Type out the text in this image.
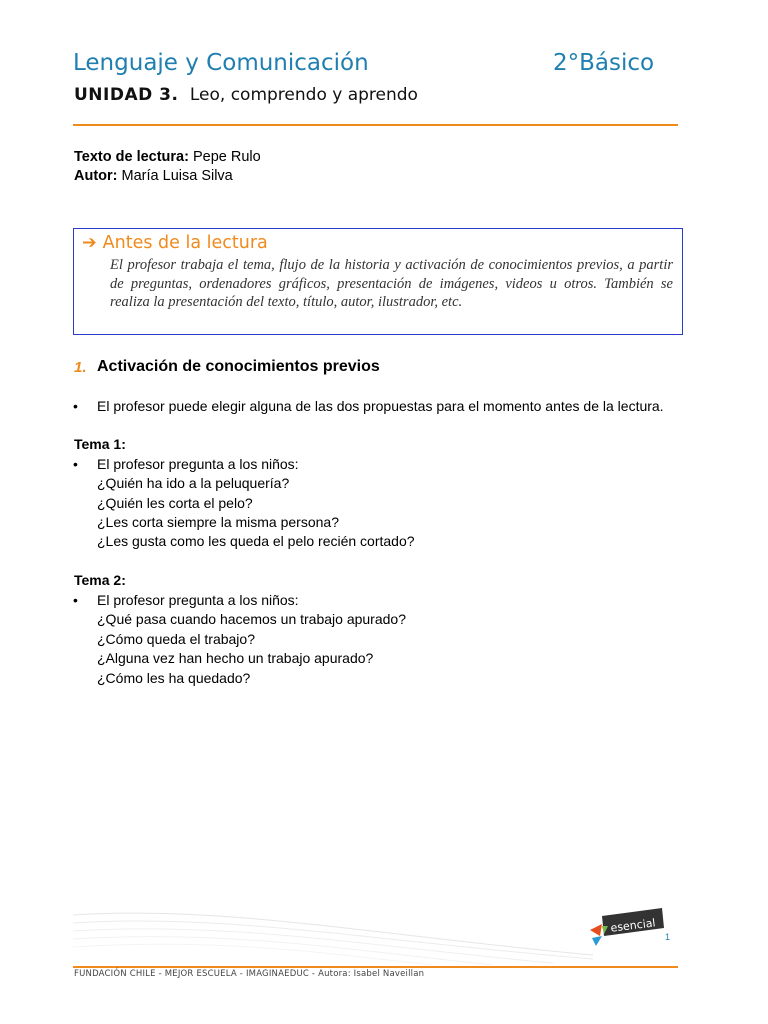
Lenguaje y Comunicación	2°Básico
UNIDAD 3. Leo, comprendo y aprendo
Texto de lectura: Pepe Rulo
Autor: María Luisa Silva
➔ Antes de la lectura
El profesor trabaja el tema, flujo de la historia y activación de conocimientos previos, a partir de preguntas, ordenadores gráficos, presentación de imágenes, videos u otros. También se realiza la presentación del texto, título, autor, ilustrador, etc.
1. Activación de conocimientos previos
• El profesor puede elegir alguna de las dos propuestas para el momento antes de la lectura.
Tema 1:
• El profesor pregunta a los niños:
¿Quién ha ido a la peluquería?
¿Quién les corta el pelo?
¿Les corta siempre la misma persona?
¿Les gusta como les queda el pelo recién cortado?
Tema 2:
• El profesor pregunta a los niños:
¿Qué pasa cuando hacemos un trabajo apurado?
¿Cómo queda el trabajo?
¿Alguna vez han hecho un trabajo apurado?
¿Cómo les ha quedado?
esencial
1
FUNDACIÓN CHILE - MEJOR ESCUELA - IMAGINAEDUC - Autora: Isabel Naveillan
